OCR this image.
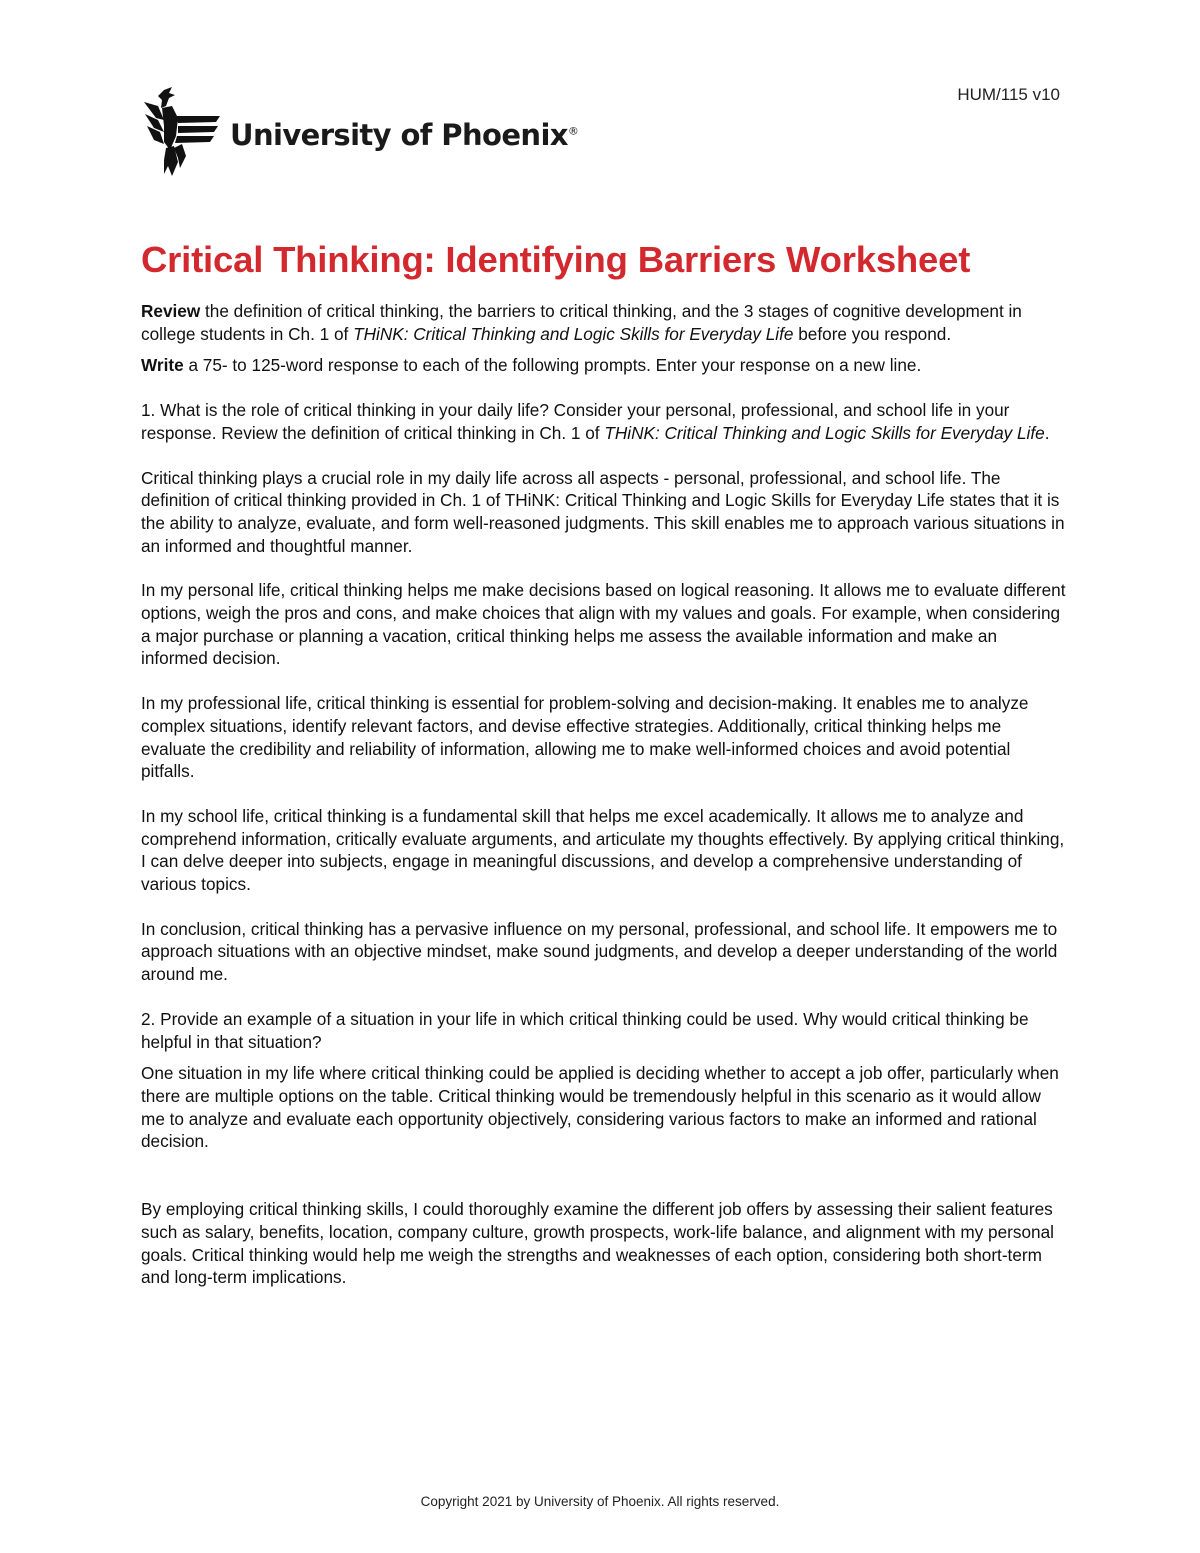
HUM/115 v10
University of Phoenix®
Critical Thinking: Identifying Barriers Worksheet

Review the definition of critical thinking, the barriers to critical thinking, and the 3 stages of cognitive development in college students in Ch. 1 of THiNK: Critical Thinking and Logic Skills for Everyday Life before you respond.

Write a 75- to 125-word response to each of the following prompts. Enter your response on a new line.

1. What is the role of critical thinking in your daily life? Consider your personal, professional, and school life in your response. Review the definition of critical thinking in Ch. 1 of THiNK: Critical Thinking and Logic Skills for Everyday Life.

Critical thinking plays a crucial role in my daily life across all aspects - personal, professional, and school life. The definition of critical thinking provided in Ch. 1 of THiNK: Critical Thinking and Logic Skills for Everyday Life states that it is the ability to analyze, evaluate, and form well-reasoned judgments. This skill enables me to approach various situations in an informed and thoughtful manner.

In my personal life, critical thinking helps me make decisions based on logical reasoning. It allows me to evaluate different options, weigh the pros and cons, and make choices that align with my values and goals. For example, when considering a major purchase or planning a vacation, critical thinking helps me assess the available information and make an informed decision.

In my professional life, critical thinking is essential for problem-solving and decision-making. It enables me to analyze complex situations, identify relevant factors, and devise effective strategies. Additionally, critical thinking helps me evaluate the credibility and reliability of information, allowing me to make well-informed choices and avoid potential pitfalls.

In my school life, critical thinking is a fundamental skill that helps me excel academically. It allows me to analyze and comprehend information, critically evaluate arguments, and articulate my thoughts effectively. By applying critical thinking, I can delve deeper into subjects, engage in meaningful discussions, and develop a comprehensive understanding of various topics.

In conclusion, critical thinking has a pervasive influence on my personal, professional, and school life. It empowers me to approach situations with an objective mindset, make sound judgments, and develop a deeper understanding of the world around me.

2. Provide an example of a situation in your life in which critical thinking could be used. Why would critical thinking be helpful in that situation?

One situation in my life where critical thinking could be applied is deciding whether to accept a job offer, particularly when there are multiple options on the table. Critical thinking would be tremendously helpful in this scenario as it would allow me to analyze and evaluate each opportunity objectively, considering various factors to make an informed and rational decision.

By employing critical thinking skills, I could thoroughly examine the different job offers by assessing their salient features such as salary, benefits, location, company culture, growth prospects, work-life balance, and alignment with my personal goals. Critical thinking would help me weigh the strengths and weaknesses of each option, considering both short-term and long-term implications.

Copyright 2021 by University of Phoenix. All rights reserved.
